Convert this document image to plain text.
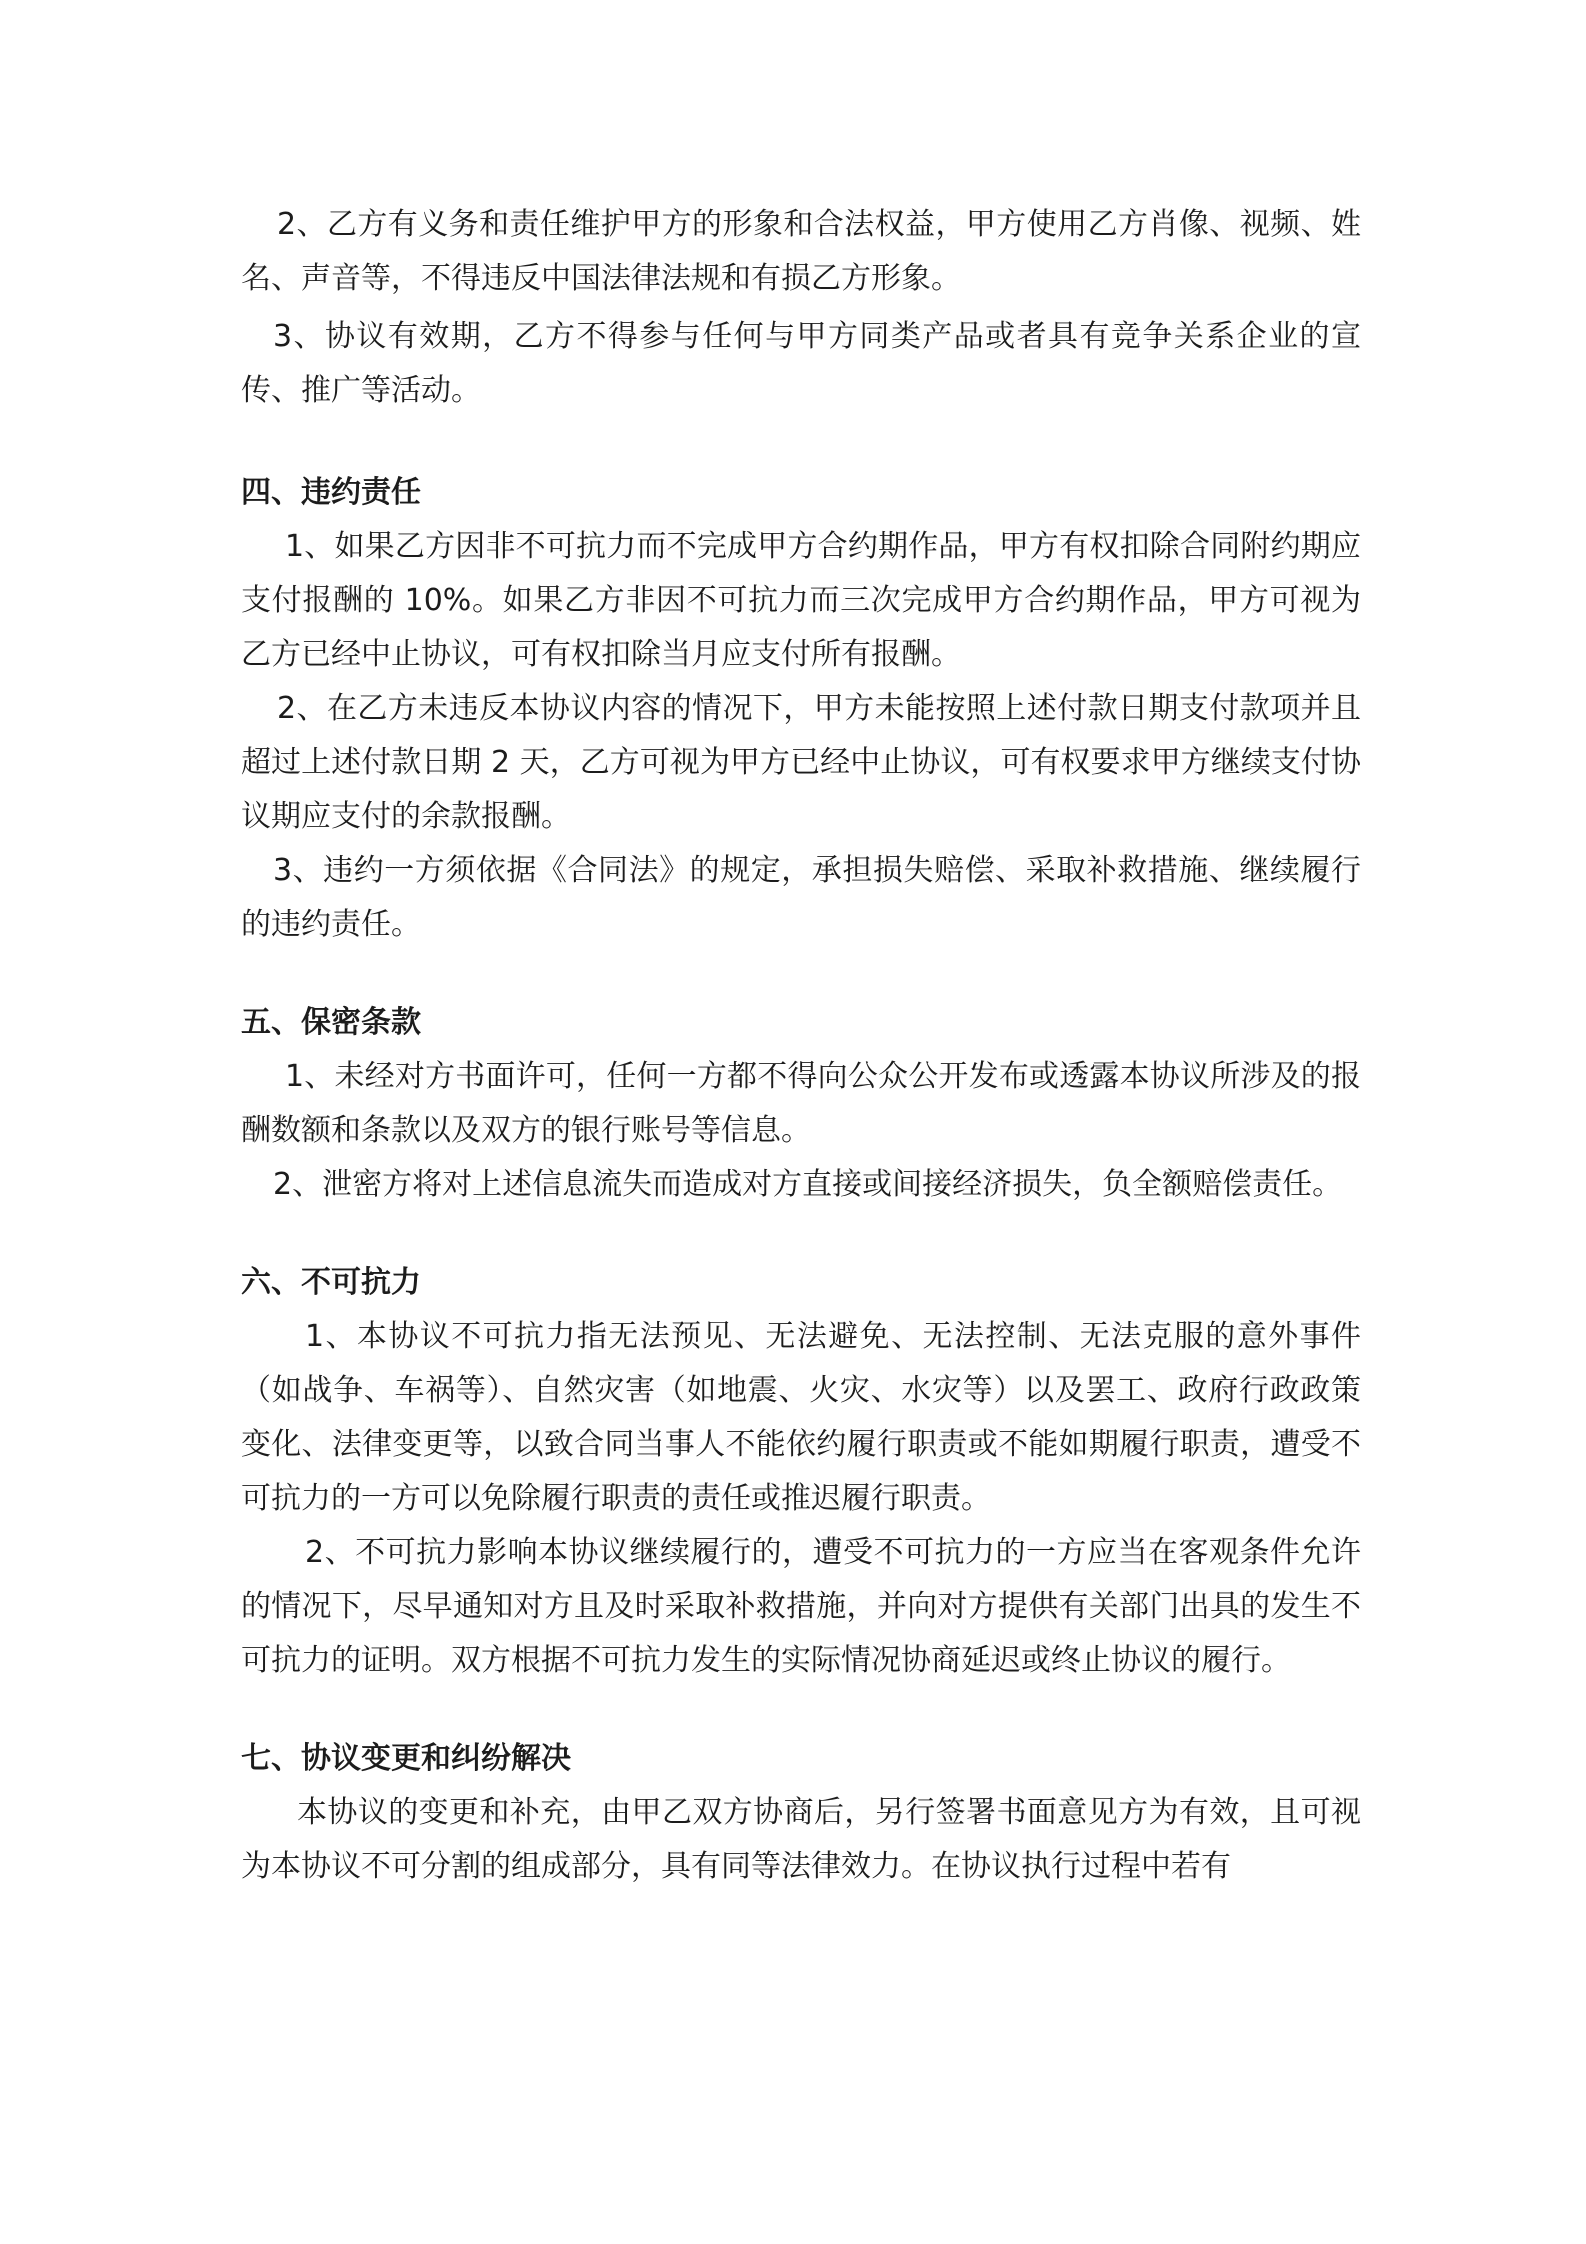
2、乙方有义务和责任维护甲方的形象和合法权益，甲方使用乙方肖像、视频、姓名、声音等，不得违反中国法律法规和有损乙方形象。

3、协议有效期，乙方不得参与任何与甲方同类产品或者具有竞争关系企业的宣传、推广等活动。

四、违约责任

1、如果乙方因非不可抗力而不完成甲方合约期作品，甲方有权扣除合同附约期应支付报酬的 10%。如果乙方非因不可抗力而三次完成甲方合约期作品，甲方可视为乙方已经中止协议，可有权扣除当月应支付所有报酬。

2、在乙方未违反本协议内容的情况下，甲方未能按照上述付款日期支付款项并且超过上述付款日期 2 天，乙方可视为甲方已经中止协议，可有权要求甲方继续支付协议期应支付的余款报酬。

3、违约一方须依据《合同法》的规定，承担损失赔偿、采取补救措施、继续履行的违约责任。

五、保密条款

1、未经对方书面许可，任何一方都不得向公众公开发布或透露本协议所涉及的报酬数额和条款以及双方的银行账号等信息。

2、泄密方将对上述信息流失而造成对方直接或间接经济损失，负全额赔偿责任。

六、不可抗力

1、本协议不可抗力指无法预见、无法避免、无法控制、无法克服的意外事件（如战争、车祸等）、自然灾害（如地震、火灾、水灾等）以及罢工、政府行政政策变化、法律变更等，以致合同当事人不能依约履行职责或不能如期履行职责，遭受不可抗力的一方可以免除履行职责的责任或推迟履行职责。

2、不可抗力影响本协议继续履行的，遭受不可抗力的一方应当在客观条件允许的情况下，尽早通知对方且及时采取补救措施，并向对方提供有关部门出具的发生不可抗力的证明。双方根据不可抗力发生的实际情况协商延迟或终止协议的履行。

七、协议变更和纠纷解决

本协议的变更和补充，由甲乙双方协商后，另行签署书面意见方为有效，且可视为本协议不可分割的组成部分，具有同等法律效力。在协议执行过程中若有
